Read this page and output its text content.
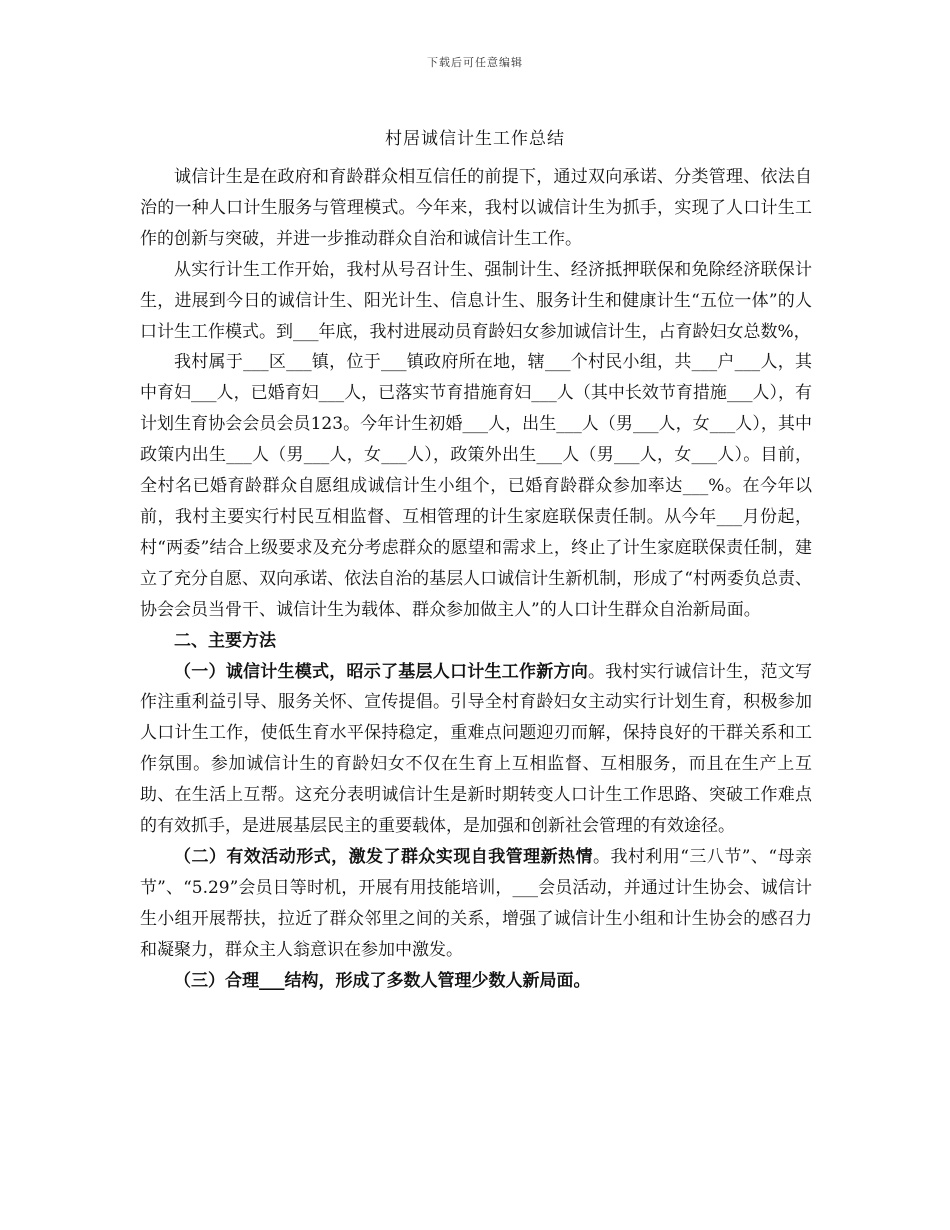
下载后可任意编辑
村居诚信计生工作总结

诚信计生是在政府和育龄群众相互信任的前提下，通过双向承诺、分类管理、依法自治的一种人口计生服务与管理模式。今年来，我村以诚信计生为抓手，实现了人口计生工作的创新与突破，并进一步推动群众自治和诚信计生工作。

从实行计生工作开始，我村从号召计生、强制计生、经济抵押联保和免除经济联保计生，进展到今日的诚信计生、阳光计生、信息计生、服务计生和健康计生“五位一体”的人口计生工作模式。到___年底，我村进展动员育龄妇女参加诚信计生，占育龄妇女总数%，

我村属于___区___镇，位于___镇政府所在地，辖___个村民小组，共___户___人，其中育妇___人，已婚育妇___人，已落实节育措施育妇___人（其中长效节育措施___人），有计划生育协会会员会员123。今年计生初婚___人，出生___人（男___人，女___人），其中政策内出生___人（男___人，女___人），政策外出生___人（男___人，女___人）。目前，全村名已婚育龄群众自愿组成诚信计生小组个，已婚育龄群众参加率达___%。在今年以前，我村主要实行村民互相监督、互相管理的计生家庭联保责任制。从今年___月份起，村“两委”结合上级要求及充分考虑群众的愿望和需求上，终止了计生家庭联保责任制，建立了充分自愿、双向承诺、依法自治的基层人口诚信计生新机制，形成了“村两委负总责、协会会员当骨干、诚信计生为载体、群众参加做主人”的人口计生群众自治新局面。

二、主要方法

（一）诚信计生模式，昭示了基层人口计生工作新方向。我村实行诚信计生，范文写作注重利益引导、服务关怀、宣传提倡。引导全村育龄妇女主动实行计划生育，积极参加人口计生工作，使低生育水平保持稳定，重难点问题迎刃而解，保持良好的干群关系和工作氛围。参加诚信计生的育龄妇女不仅在生育上互相监督、互相服务，而且在生产上互助、在生活上互帮。这充分表明诚信计生是新时期转变人口计生工作思路、突破工作难点的有效抓手，是进展基层民主的重要载体，是加强和创新社会管理的有效途径。

（二）有效活动形式，激发了群众实现自我管理新热情。我村利用“三八节”、“母亲节”、“5.29”会员日等时机，开展有用技能培训，___会员活动，并通过计生协会、诚信计生小组开展帮扶，拉近了群众邻里之间的关系，增强了诚信计生小组和计生协会的感召力和凝聚力，群众主人翁意识在参加中激发。

（三）合理___结构，形成了多数人管理少数人新局面。
